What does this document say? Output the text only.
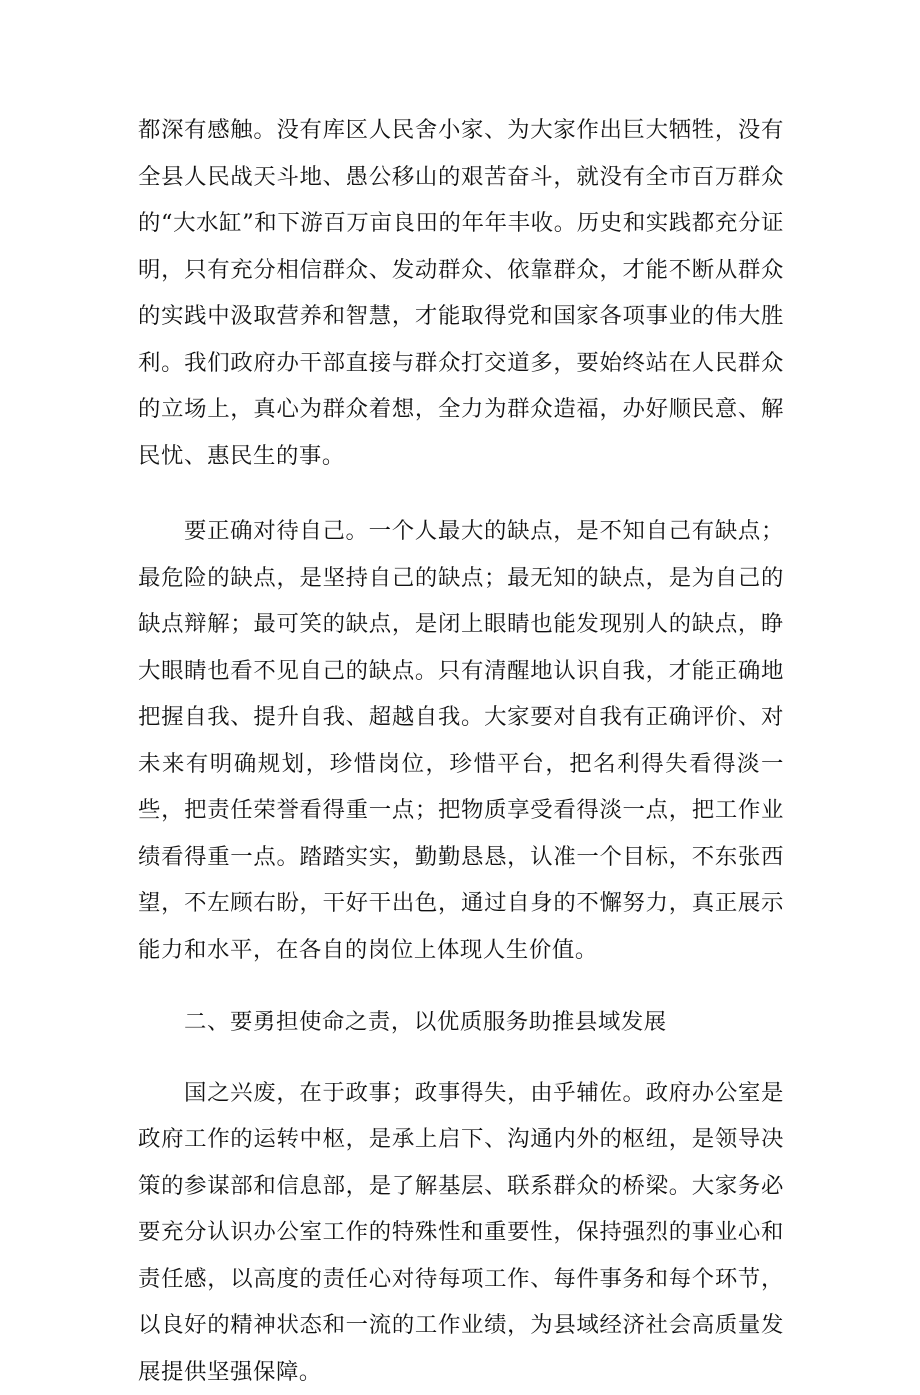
都深有感触。没有库区人民舍小家、为大家作出巨大牺牲，没有全县人民战天斗地、愚公移山的艰苦奋斗，就没有全市百万群众的“大水缸”和下游百万亩良田的年年丰收。历史和实践都充分证明，只有充分相信群众、发动群众、依靠群众，才能不断从群众的实践中汲取营养和智慧，才能取得党和国家各项事业的伟大胜利。我们政府办干部直接与群众打交道多，要始终站在人民群众的立场上，真心为群众着想，全力为群众造福，办好顺民意、解民忧、惠民生的事。

要正确对待自己。一个人最大的缺点，是不知自己有缺点；最危险的缺点，是坚持自己的缺点；最无知的缺点，是为自己的缺点辩解；最可笑的缺点，是闭上眼睛也能发现别人的缺点，睁大眼睛也看不见自己的缺点。只有清醒地认识自我，才能正确地把握自我、提升自我、超越自我。大家要对自我有正确评价、对未来有明确规划，珍惜岗位，珍惜平台，把名利得失看得淡一些，把责任荣誉看得重一点；把物质享受看得淡一点，把工作业绩看得重一点。踏踏实实，勤勤恳恳，认准一个目标，不东张西望，不左顾右盼，干好干出色，通过自身的不懈努力，真正展示能力和水平，在各自的岗位上体现人生价值。

二、要勇担使命之责，以优质服务助推县域发展

国之兴废，在于政事；政事得失，由乎辅佐。政府办公室是政府工作的运转中枢，是承上启下、沟通内外的枢纽，是领导决策的参谋部和信息部，是了解基层、联系群众的桥梁。大家务必要充分认识办公室工作的特殊性和重要性，保持强烈的事业心和责任感，以高度的责任心对待每项工作、每件事务和每个环节，以良好的精神状态和一流的工作业绩，为县域经济社会高质量发展提供坚强保障。
